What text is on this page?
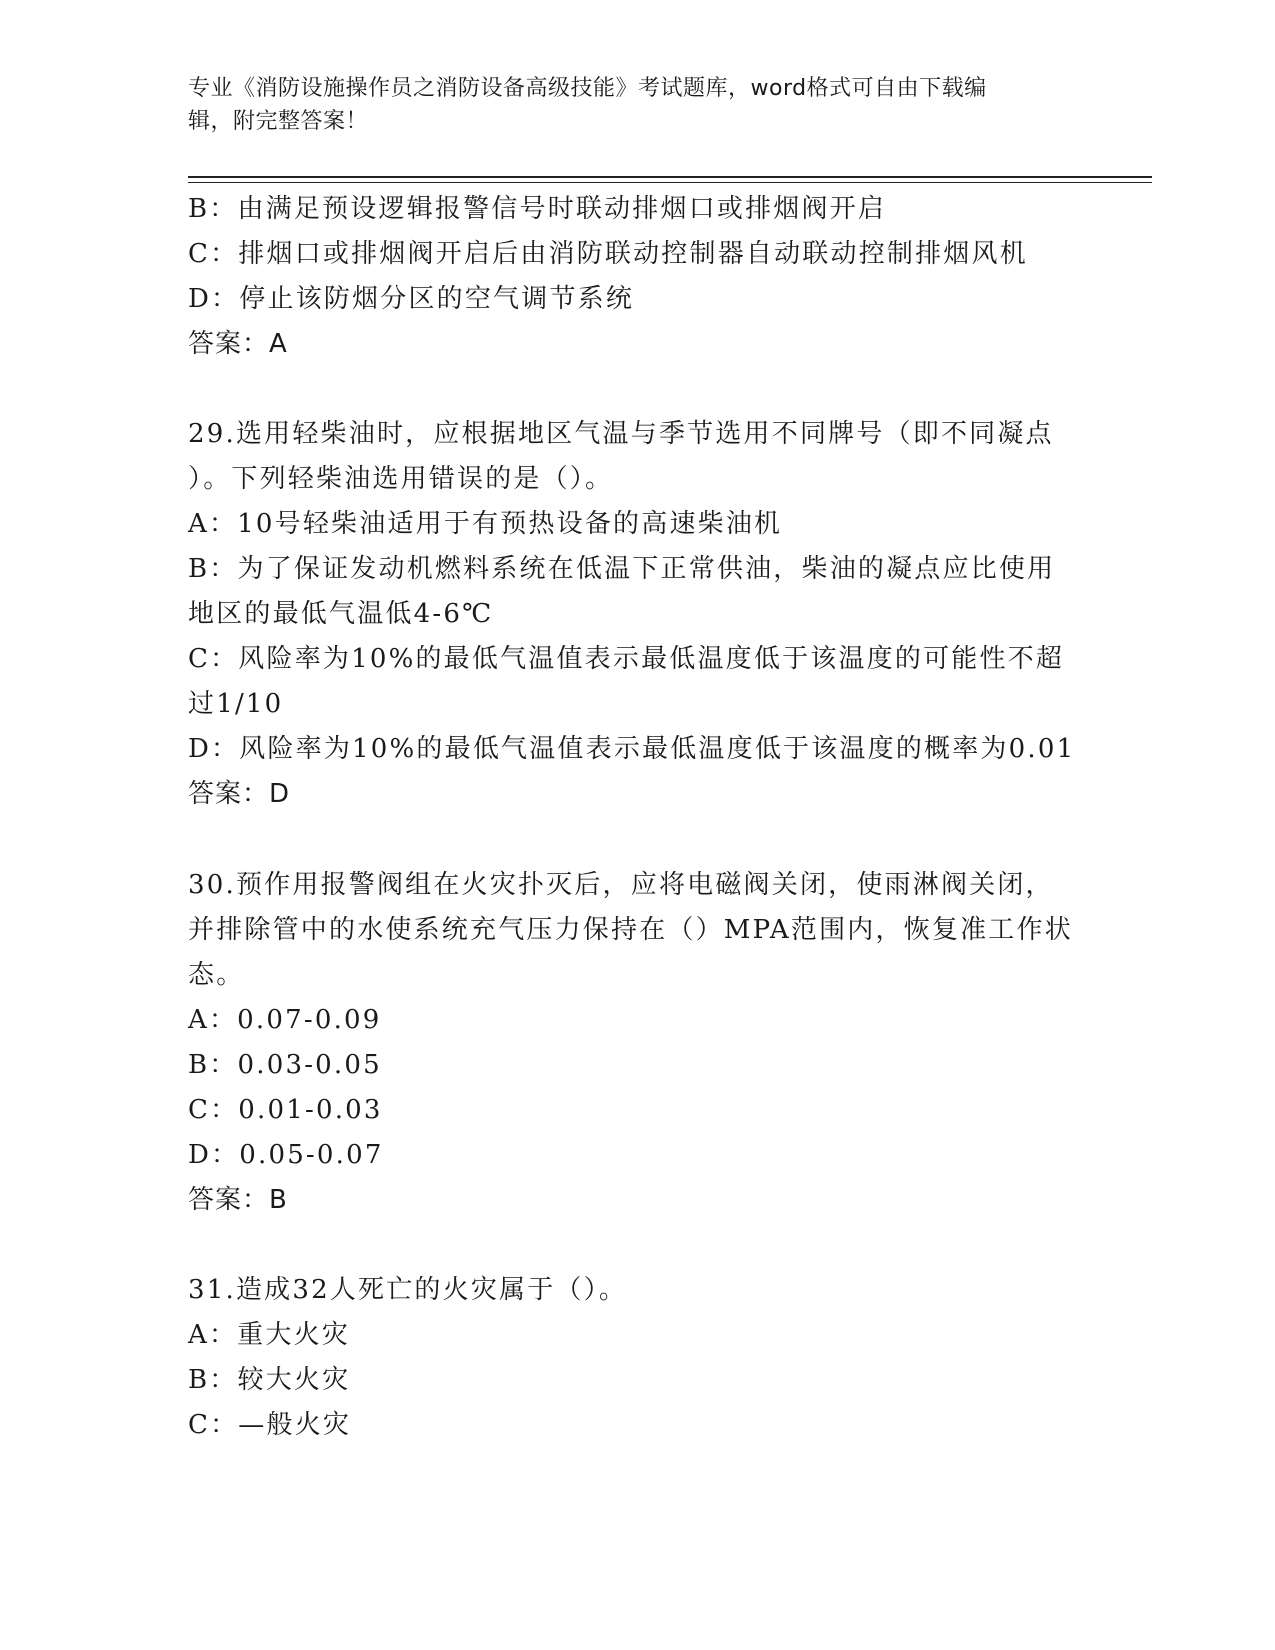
专业《消防设施操作员之消防设备高级技能》考试题库，word格式可自由下载编
辑，附完整答案！
B：由满足预设逻辑报警信号时联动排烟口或排烟阀开启
C：排烟口或排烟阀开启后由消防联动控制器自动联动控制排烟风机
D：停止该防烟分区的空气调节系统
答案：A
29.选用轻柴油时，应根据地区气温与季节选用不同牌号（即不同凝点
）。下列轻柴油选用错误的是（）。
A：10号轻柴油适用于有预热设备的高速柴油机
B：为了保证发动机燃料系统在低温下正常供油，柴油的凝点应比使用
地区的最低气温低4-6℃
C：风险率为10%的最低气温值表示最低温度低于该温度的可能性不超
过1/10
D：风险率为10%的最低气温值表示最低温度低于该温度的概率为0.01
答案：D
30.预作用报警阀组在火灾扑灭后，应将电磁阀关闭，使雨淋阀关闭，
并排除管中的水使系统充气压力保持在（）MPA范围内，恢复准工作状
态。
A：0.07-0.09
B：0.03-0.05
C：0.01-0.03
D：0.05-0.07
答案：B
31.造成32人死亡的火灾属于（）。
A：重大火灾
B：较大火灾
C：—般火灾
